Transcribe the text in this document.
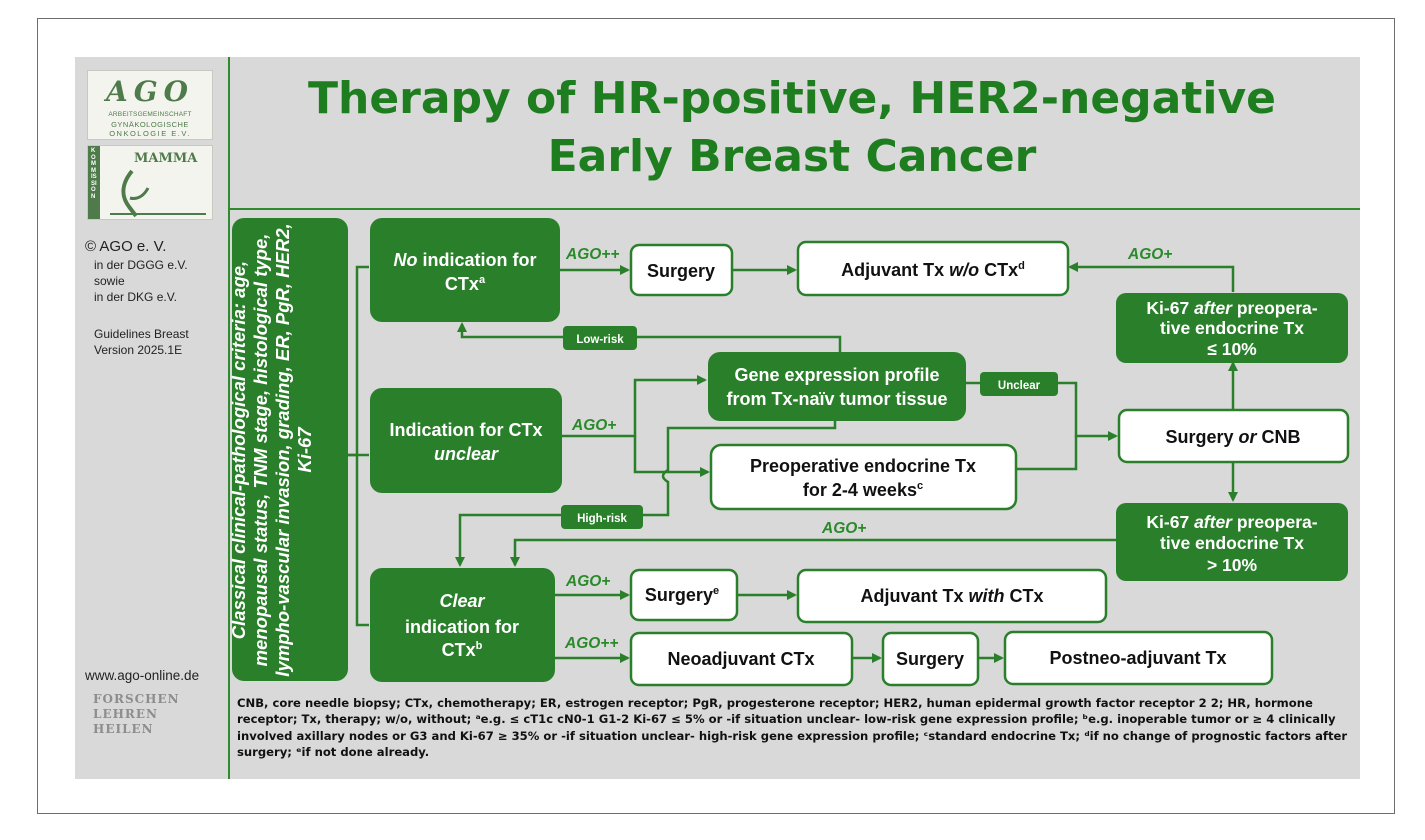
AGO
ARBEITSGEMEINSCHAFT
GYNÄKOLOGISCHE
ONKOLOGIE E.V.
KOMMISSION
MAMMA
© AGO e. V.
in der DGGG e.V.
sowie
in der DKG e.V.
Guidelines Breast
Version 2025.1E
www.ago-online.de
FORSCHEN
LEHREN
HEILEN
Therapy of HR-positive, HER2-negative
Early Breast Cancer
No indication for
CTx$^a$
Indication for CTx
unclear
Clear
indication for
CTx$^b$
Gene expression profile
from Tx-naïv tumor tissue
Ki-67 after preopera-
tive endocrine Tx
≤ 10%
Ki-67 after preopera-
tive endocrine Tx
> 10%
Low-risk
High-risk
Unclear
Surgery	Adjuvant Tx w/o CTx$^d$
Preoperative endocrine Tx
for 2-4 weeks$^c$
Surgery or CNB
Surgery$^e$	Adjuvant Tx with CTx
Neoadjuvant CTx	Surgery	Postneo-adjuvant Tx
AGO++	AGO+
AGO+
AGO+
AGO+
AGO++
Classical clinical-pathological criteria: age, menopausal status, TNM stage, histological type, lympho-vascular invasion, grading, ER, PgR, HER2, Ki-67
CNB, core needle biopsy; CTx, chemotherapy; ER, estrogen receptor; PgR, progesterone receptor; HER2, human epidermal growth factor receptor 2 2; HR, hormone receptor; Tx, therapy; w/o, without; ᵃe.g. ≤ cT1c cN0-1 G1-2 Ki-67 ≤ 5% or -if situation unclear- low-risk gene expression profile; ᵇe.g. inoperable tumor or ≥ 4 clinically involved axillary nodes or G3 and Ki-67 ≥ 35% or -if situation unclear- high-risk gene expression profile; ᶜstandard endocrine Tx; ᵈif no change of prognostic factors after surgery; ᵉif not done already.
